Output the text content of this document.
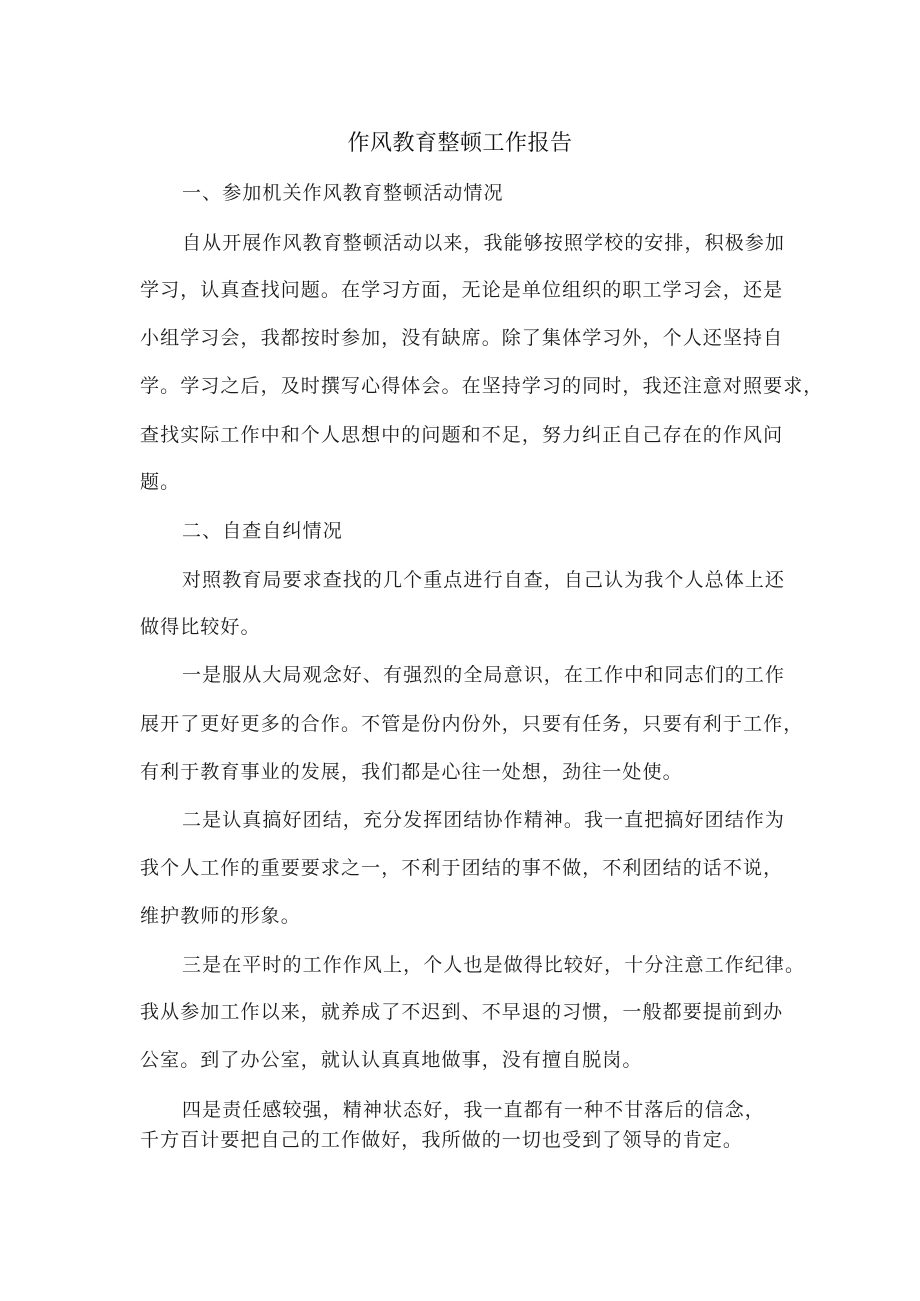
作风教育整顿工作报告
一、参加机关作风教育整顿活动情况
自从开展作风教育整顿活动以来，我能够按照学校的安排，积极参加
学习，认真查找问题。在学习方面，无论是单位组织的职工学习会，还是
小组学习会，我都按时参加，没有缺席。除了集体学习外，个人还坚持自
学。学习之后，及时撰写心得体会。在坚持学习的同时，我还注意对照要求，
查找实际工作中和个人思想中的问题和不足，努力纠正自己存在的作风问
题。
二、自查自纠情况
对照教育局要求查找的几个重点进行自查，自己认为我个人总体上还
做得比较好。
一是服从大局观念好、有强烈的全局意识，在工作中和同志们的工作
展开了更好更多的合作。不管是份内份外，只要有任务，只要有利于工作，
有利于教育事业的发展，我们都是心往一处想，劲往一处使。
二是认真搞好团结，充分发挥团结协作精神。我一直把搞好团结作为
我个人工作的重要要求之一，不利于团结的事不做，不利团结的话不说，
维护教师的形象。
三是在平时的工作作风上，个人也是做得比较好，十分注意工作纪律。
我从参加工作以来，就养成了不迟到、不早退的习惯，一般都要提前到办
公室。到了办公室，就认认真真地做事，没有擅自脱岗。
四是责任感较强，精神状态好，我一直都有一种不甘落后的信念，
千方百计要把自己的工作做好，我所做的一切也受到了领导的肯定。
